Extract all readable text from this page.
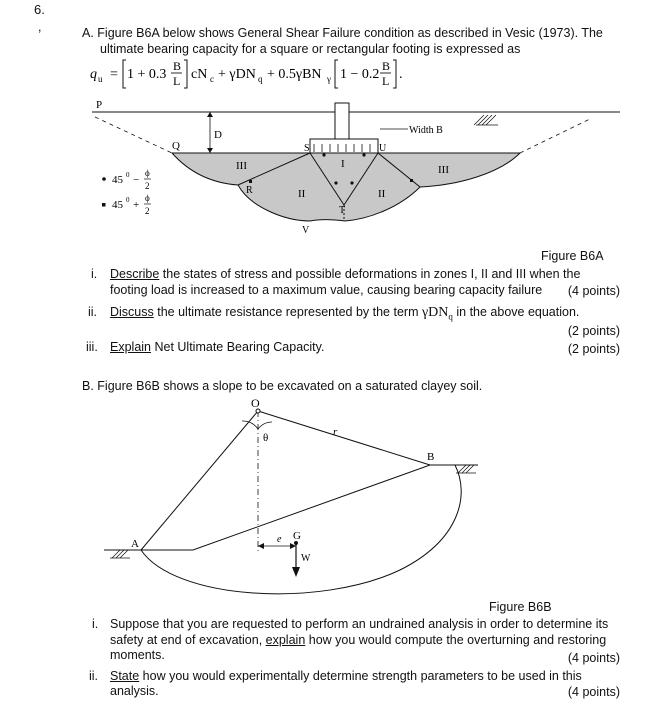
6.
,	A. Figure B6A below shows General Shear Failure condition as described in Vesic (1973). The
ultimate bearing capacity for a square or rectangular footing is expressed as
q u = 1 + 0.3
B
L cN c + γDN q + 0.5γBN γ 1 − 0.2
B
L .
P
D
Q	S	U
Width B
I
II	II
III	III
R
T
V
45 0 −
ϕ
2
45 0 +
ϕ
2
Figure B6A
i. Describe the states of stress and possible deformations in zones I, II and III when the
footing load is increased to a maximum value, causing bearing capacity failure (4 points)
ii. Discuss the ultimate resistance represented by the term γDN$_q$ in the above equation.
(2 points)
iii. Explain Net Ultimate Bearing Capacity.	(2 points)
B. Figure B6B shows a slope to be excavated on a saturated clayey soil.
O
θ	r
B
A	e G
W
Figure B6B
i. Suppose that you are requested to perform an undrained analysis in order to determine its
safety at end of excavation, explain how you would compute the overturning and restoring
moments.	(4 points)
ii. State how you would experimentally determine strength parameters to be used in this
analysis.	(4 points)
